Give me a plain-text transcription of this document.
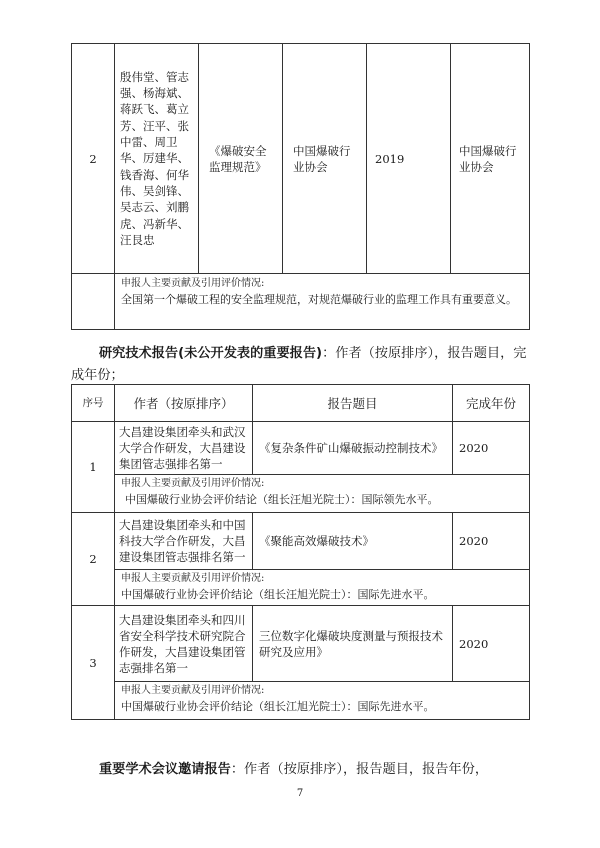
2	殷伟堂、管志强、杨海斌、蒋跃飞、葛立芳、汪平、张中雷、周卫华、厉建华、钱香海、何华伟、吴剑锋、吴志云、刘鹏虎、冯新华、汪艮忠	《爆破安全监理规范》	中国爆破行业协会	2019	中国爆破行业协会

	申报人主要贡献及引用评价情况:
全国第一个爆破工程的安全监理规范，对规范爆破行业的监理工作具有重要意义。				
研究技术报告(未公开发表的重要报告)：作者（按原排序），报告题目，完成年份；
序号	作者（按原排序）	报告题目	完成年份
1	大昌建设集团牵头和武汉大学合作研发，大昌建设集团管志强排名第一	《复杂条件矿山爆破振动控制技术》	2020

	申报人主要贡献及引用评价情况:
中国爆破行业协会评价结论（组长汪旭光院士）：国际领先水平。		

2	大昌建设集团牵头和中国科技大学合作研发，大昌建设集团管志强排名第一	《聚能高效爆破技术》	2020

	申报人主要贡献及引用评价情况:
中国爆破行业协会评价结论（组长汪旭光院士）：国际先进水平。		

3	大昌建设集团牵头和四川省安全科学技术研究院合作研发，大昌建设集团管志强排名第一	三位数字化爆破块度测量与预报技术研究及应用》	2020

	申报人主要贡献及引用评价情况:
中国爆破行业协会评价结论（组长江旭光院士）：国际先进水平。		
重要学术会议邀请报告：作者（按原排序），报告题目，报告年份，
7
